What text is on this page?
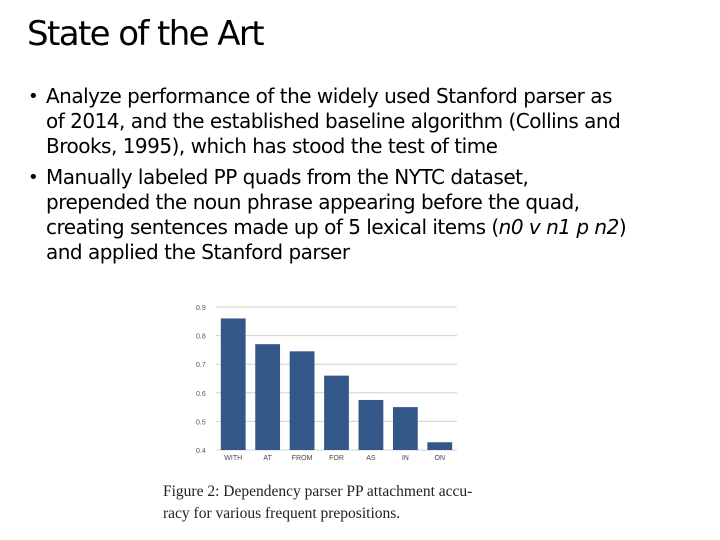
State of the Art
• Analyze performance of the widely used Stanford parser as
of 2014, and the established baseline algorithm (Collins and
Brooks, 1995), which has stood the test of time
• Manually labeled PP quads from the NYTC dataset,
prepended the noun phrase appearing before the quad,
creating sentences made up of 5 lexical items (n0 v n1 p n2)
and applied the Stanford parser
0.4
0.5
0.6
0.7
0.8
0.9
WITH	AT	FROM FOR	AS	IN	ON

Figure 2: Dependency parser PP attachment accu-
racy for various frequent prepositions.
